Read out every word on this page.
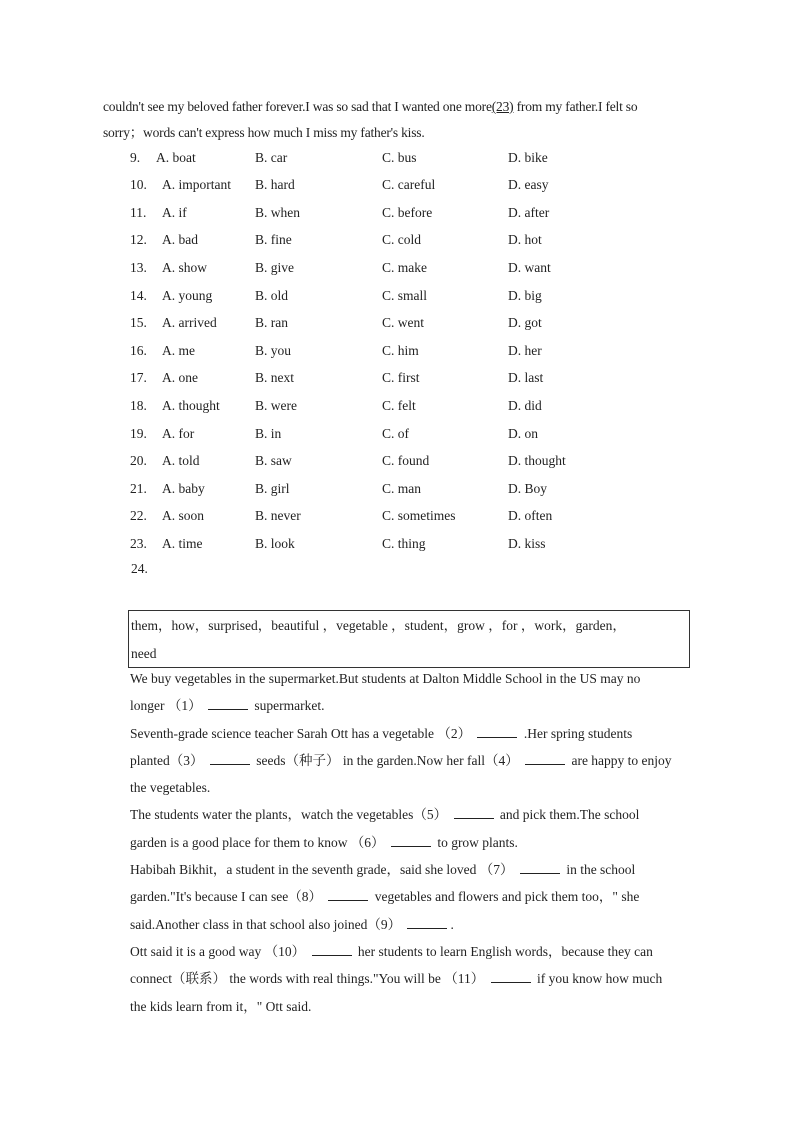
couldn't see my beloved father forever.I was so sad that I wanted one more(23) from my father.I felt so
sorry；words can't express how much I miss my father's kiss.
9. A. boat	B. car	C. bus	D. bike
10. A. important B. hard	C. careful	D. easy
11. A. if	B. when	C. before	D. after
12. A. bad	B. fine	C. cold	D. hot
13. A. show	B. give	C. make	D. want
14. A. young	B. old	C. small	D. big
15. A. arrived	B. ran	C. went	D. got
16. A. me	B. you	C. him	D. her
17. A. one	B. next	C. first	D. last
18. A. thought	B. were	C. felt	D. did
19. A. for	B. in	C. of	D. on
20. A. told	B. saw	C. found	D. thought
21. A. baby	B. girl	C. man	D. Boy
22. A. soon	B. never	C. sometimes	D. often
23. A. time	B. look	C. thing	D. kiss
24.
them，how，surprised，beautiful ，vegetable ，student，grow ，for ，work，garden，
need

We buy vegetables in the supermarket.But students at Dalton Middle School in the US may no

longer （1）	supermarket.

Seventh-grade science teacher Sarah Ott has a vegetable （2）	.Her spring students

planted（3）	seeds（种子） in the garden.Now her fall（4）	are happy to enjoy

the vegetables.

The students water the plants，watch the vegetables（5）	and pick them.The school

garden is a good place for them to know （6）	to grow plants.

Habibah Bikhit，a student in the seventh grade，said she loved （7）	in the school

garden."It's because I can see（8）	vegetables and flowers and pick them too，" she

said.Another class in that school also joined（9）	.

Ott said it is a good way （10）	her students to learn English words，because they can

connect（联系） the words with real things."You will be （11）	if you know how much

the kids learn from it，" Ott said.
